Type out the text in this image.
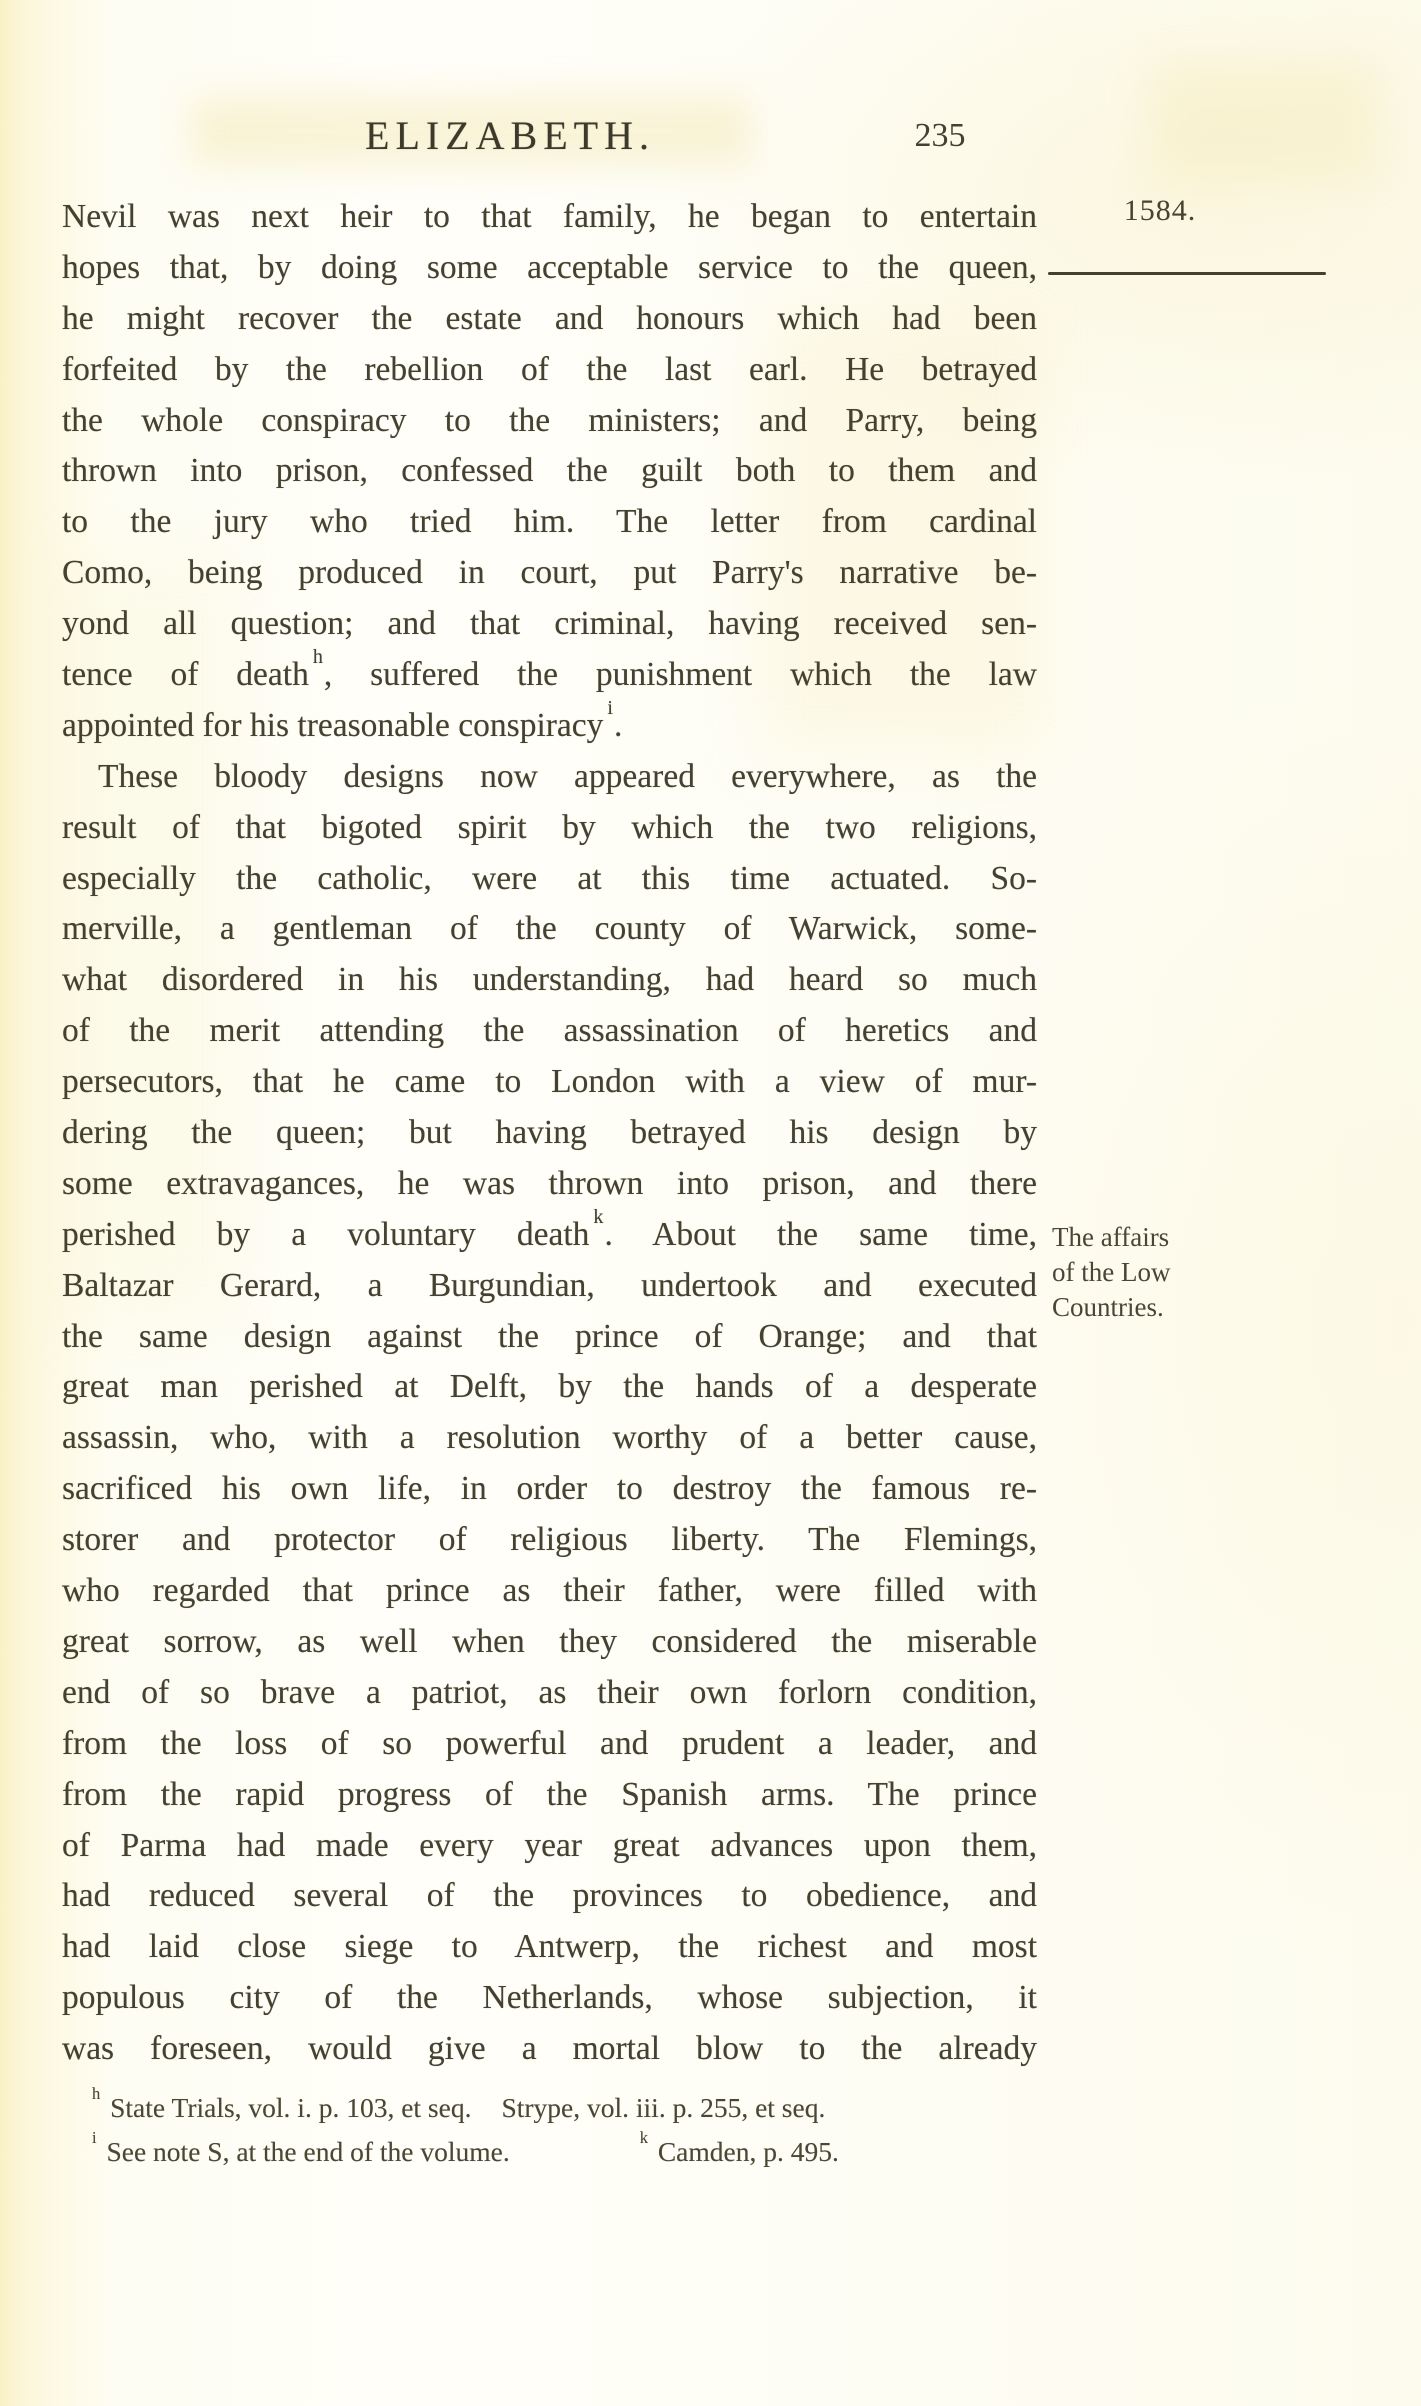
ELIZABETH.	235
1584.
The affairs
of the Low
Countries.
Nevil was next heir to that family, he began to entertain
hopes that, by doing some acceptable service to the queen,
he might recover the estate and honours which had been
forfeited by the rebellion of the last earl. He betrayed
the whole conspiracy to the ministers; and Parry, being
thrown into prison, confessed the guilt both to them and
to the jury who tried him. The letter from cardinal
Como, being produced in court, put Parry's narrative be-
yond all question; and that criminal, having received sen-
tence of death $^h$, suffered the punishment which the law
appointed for his treasonable conspiracy $^i$.
These bloody designs now appeared everywhere, as the
result of that bigoted spirit by which the two religions,
especially the catholic, were at this time actuated. So-
merville, a gentleman of the county of Warwick, some-
what disordered in his understanding, had heard so much
of the merit attending the assassination of heretics and
persecutors, that he came to London with a view of mur-
dering the queen; but having betrayed his design by
some extravagances, he was thrown into prison, and there
perished by a voluntary death $^k$. About the same time,
Baltazar Gerard, a Burgundian, undertook and executed
the same design against the prince of Orange; and that
great man perished at Delft, by the hands of a desperate
assassin, who, with a resolution worthy of a better cause,
sacrificed his own life, in order to destroy the famous re-
storer and protector of religious liberty. The Flemings,
who regarded that prince as their father, were filled with
great sorrow, as well when they considered the miserable
end of so brave a patriot, as their own forlorn condition,
from the loss of so powerful and prudent a leader, and
from the rapid progress of the Spanish arms. The prince
of Parma had made every year great advances upon them,
had reduced several of the provinces to obedience, and
had laid close siege to Antwerp, the richest and most
populous city of the Netherlands, whose subjection, it
was foreseen, would give a mortal blow to the already
$^h$ State Trials, vol. i. p. 103, et seq. Strype, vol. iii. p. 255, et seq.
$^i$ See note S, at the end of the volume.	$^k$ Camden, p. 495.
